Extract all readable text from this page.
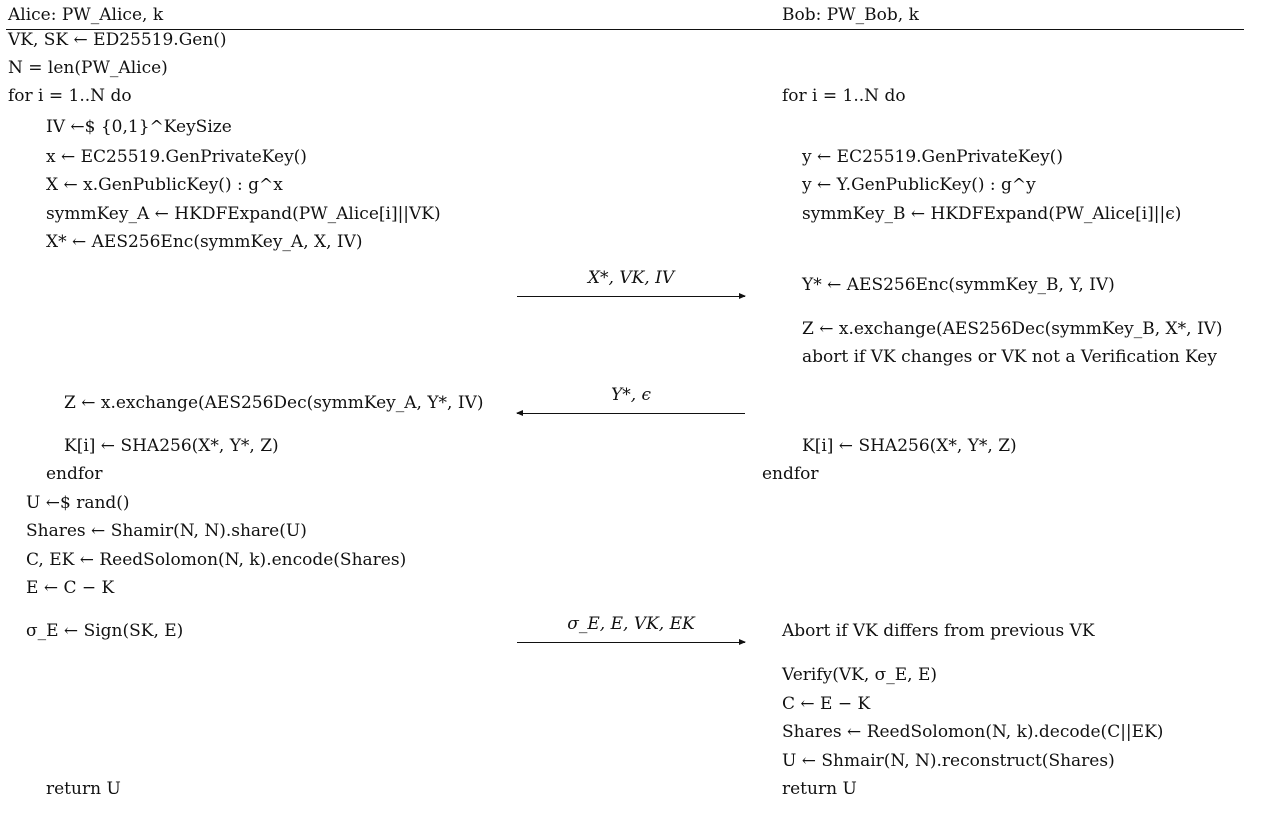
Alice: PW_Alice, k	Bob: PW_Bob, k
VK, SK ← ED25519.Gen()
N = len(PW_Alice)
for i = 1..N do
IV ←$ {0,1}^KeySize
x ← EC25519.GenPrivateKey()
X ← x.GenPublicKey() : g^x
symmKey_A ← HKDFExpand(PW_Alice[i]||VK)
X* ← AES256Enc(symmKey_A, X, IV)
Z ← x.exchange(AES256Dec(symmKey_A, Y*, IV)
K[i] ← SHA256(X*, Y*, Z)
endfor
U ←$ rand()
Shares ← Shamir(N, N).share(U)
C, EK ← ReedSolomon(N, k).encode(Shares)
E ← C − K
σ_E ← Sign(SK, E)
return U
for i = 1..N do
y ← EC25519.GenPrivateKey()
y ← Y.GenPublicKey() : g^y
symmKey_B ← HKDFExpand(PW_Alice[i]||ϵ)
Y* ← AES256Enc(symmKey_B, Y, IV)
Z ← x.exchange(AES256Dec(symmKey_B, X*, IV)
abort if VK changes or VK not a Verification Key
K[i] ← SHA256(X*, Y*, Z)
endfor
Abort if VK differs from previous VK
Verify(VK, σ_E, E)
C ← E − K
Shares ← ReedSolomon(N, k).decode(C||EK)
U ← Shmair(N, N).reconstruct(Shares)
return U
X*, VK, IV
Y*, ϵ
σ_E, E, VK, EK
